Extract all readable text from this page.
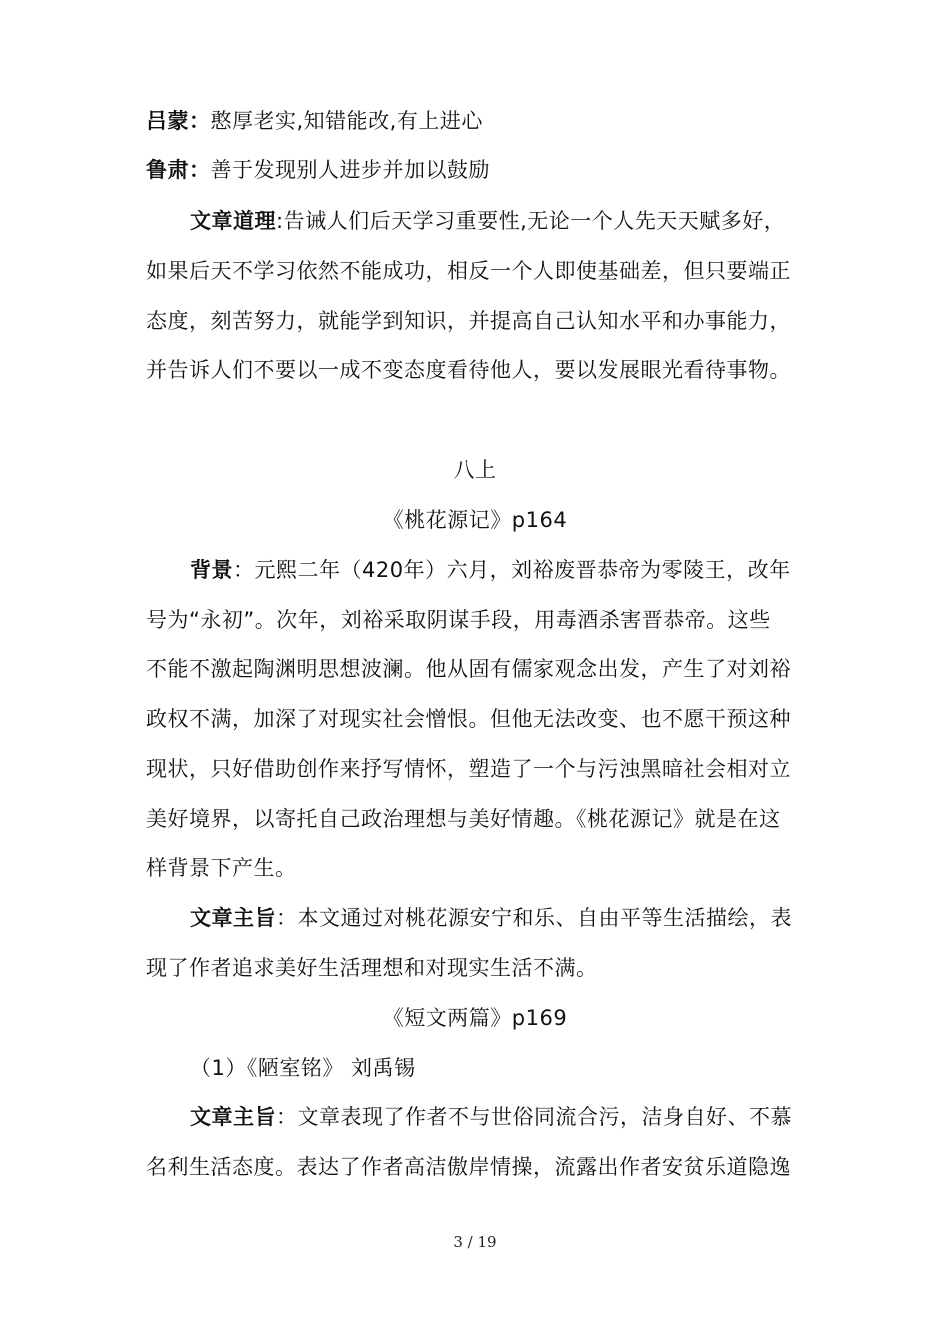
吕蒙：憨厚老实,知错能改,有上进心
鲁肃：善于发现别人进步并加以鼓励
文章道理:告诫人们后天学习重要性,无论一个人先天天赋多好，
如果后天不学习依然不能成功，相反一个人即使基础差，但只要端正
态度，刻苦努力，就能学到知识，并提高自己认知水平和办事能力，
并告诉人们不要以一成不变态度看待他人，要以发展眼光看待事物。
八上
《桃花源记》p164
背景：元熙二年（420年）六月，刘裕废晋恭帝为零陵王，改年
号为“永初”。次年，刘裕采取阴谋手段，用毒酒杀害晋恭帝。这些
不能不激起陶渊明思想波澜。他从固有儒家观念出发，产生了对刘裕
政权不满，加深了对现实社会憎恨。但他无法改变、也不愿干预这种
现状，只好借助创作来抒写情怀，塑造了一个与污浊黑暗社会相对立
美好境界，以寄托自己政治理想与美好情趣。《桃花源记》就是在这
样背景下产生。
文章主旨：本文通过对桃花源安宁和乐、自由平等生活描绘，表
现了作者追求美好生活理想和对现实生活不满。
《短文两篇》p169
（1）《陋室铭》 刘禹锡
文章主旨：文章表现了作者不与世俗同流合污，洁身自好、不慕
名利生活态度。表达了作者高洁傲岸情操，流露出作者安贫乐道隐逸
3 / 19
